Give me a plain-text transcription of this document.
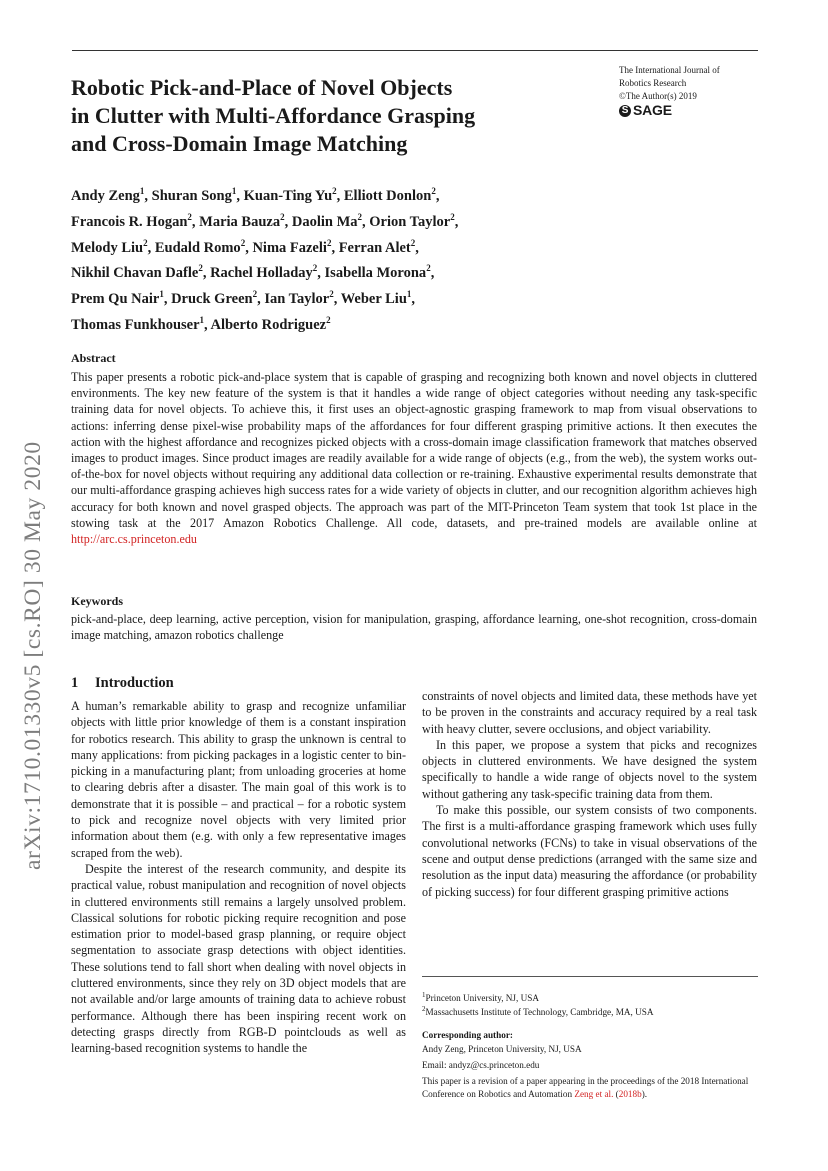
The International Journal of
Robotics Research
©The Author(s) 2019
S SAGE
Robotic Pick-and-Place of Novel Objects
in Clutter with Multi-Affordance Grasping
and Cross-Domain Image Matching
Andy Zeng$^1$, Shuran Song$^1$, Kuan-Ting Yu$^2$, Elliott Donlon$^2$,
Francois R. Hogan$^2$, Maria Bauza$^2$, Daolin Ma$^2$, Orion Taylor$^2$,
Melody Liu$^2$, Eudald Romo$^2$, Nima Fazeli$^2$, Ferran Alet$^2$,
Nikhil Chavan Dafle$^2$, Rachel Holladay$^2$, Isabella Morona$^2$,
Prem Qu Nair$^1$, Druck Green$^2$, Ian Taylor$^2$, Weber Liu$^1$,
Thomas Funkhouser$^1$, Alberto Rodriguez$^2$
arXiv:1710.01330v5 [cs.RO] 30 May 2020
Abstract
This paper presents a robotic pick-and-place system that is capable of grasping and recognizing both known and novel objects in cluttered environments. The key new feature of the system is that it handles a wide range of object categories without needing any task-specific training data for novel objects. To achieve this, it first uses an object-agnostic grasping framework to map from visual observations to actions: inferring dense pixel-wise probability maps of the affordances for four different grasping primitive actions. It then executes the action with the highest affordance and recognizes picked objects with a cross-domain image classification framework that matches observed images to product images. Since product images are readily available for a wide range of objects (e.g., from the web), the system works out-of-the-box for novel objects without requiring any additional data collection or re-training. Exhaustive experimental results demonstrate that our multi-affordance grasping achieves high success rates for a wide variety of objects in clutter, and our recognition algorithm achieves high accuracy for both known and novel grasped objects. The approach was part of the MIT-Princeton Team system that took 1st place in the stowing task at the 2017 Amazon Robotics Challenge. All code, datasets, and pre-trained models are available online at http://arc.cs.princeton.edu
Keywords
pick-and-place, deep learning, active perception, vision for manipulation, grasping, affordance learning, one-shot recognition, cross-domain image matching, amazon robotics challenge
1 Introduction

A human’s remarkable ability to grasp and recognize unfamiliar objects with little prior knowledge of them is a constant inspiration for robotics research. This ability to grasp the unknown is central to many applications: from picking packages in a logistic center to bin-picking in a manufacturing plant; from unloading groceries at home to clearing debris after a disaster. The main goal of this work is to demonstrate that it is possible – and practical – for a robotic system to pick and recognize novel objects with very limited prior information about them (e.g. with only a few representative images scraped from the web).

Despite the interest of the research community, and despite its practical value, robust manipulation and recognition of novel objects in cluttered environments still remains a largely unsolved problem. Classical solutions for robotic picking require recognition and pose estimation prior to model-based grasp planning, or require object segmentation to associate grasp detections with object identities. These solutions tend to fall short when dealing with novel objects in cluttered environments, since they rely on 3D object models that are not available and/or large amounts of training data to achieve robust performance. Although there has been inspiring recent work on detecting grasps directly from RGB-D pointclouds as well as learning-based recognition systems to handle the

constraints of novel objects and limited data, these methods have yet to be proven in the constraints and accuracy required by a real task with heavy clutter, severe occlusions, and object variability.

In this paper, we propose a system that picks and recognizes objects in cluttered environments. We have designed the system specifically to handle a wide range of objects novel to the system without gathering any task-specific training data from them.

To make this possible, our system consists of two components. The first is a multi-affordance grasping framework which uses fully convolutional networks (FCNs) to take in visual observations of the scene and output dense predictions (arranged with the same size and resolution as the input data) measuring the affordance (or probability of picking success) for four different grasping primitive actions

$^1$Princeton University, NJ, USA
$^2$Massachusetts Institute of Technology, Cambridge, MA, USA
Corresponding author:
Andy Zeng, Princeton University, NJ, USA
Email: andyz@cs.princeton.edu
This paper is a revision of a paper appearing in the proceedings of the 2018 International Conference on Robotics and Automation Zeng et al. (2018b).
